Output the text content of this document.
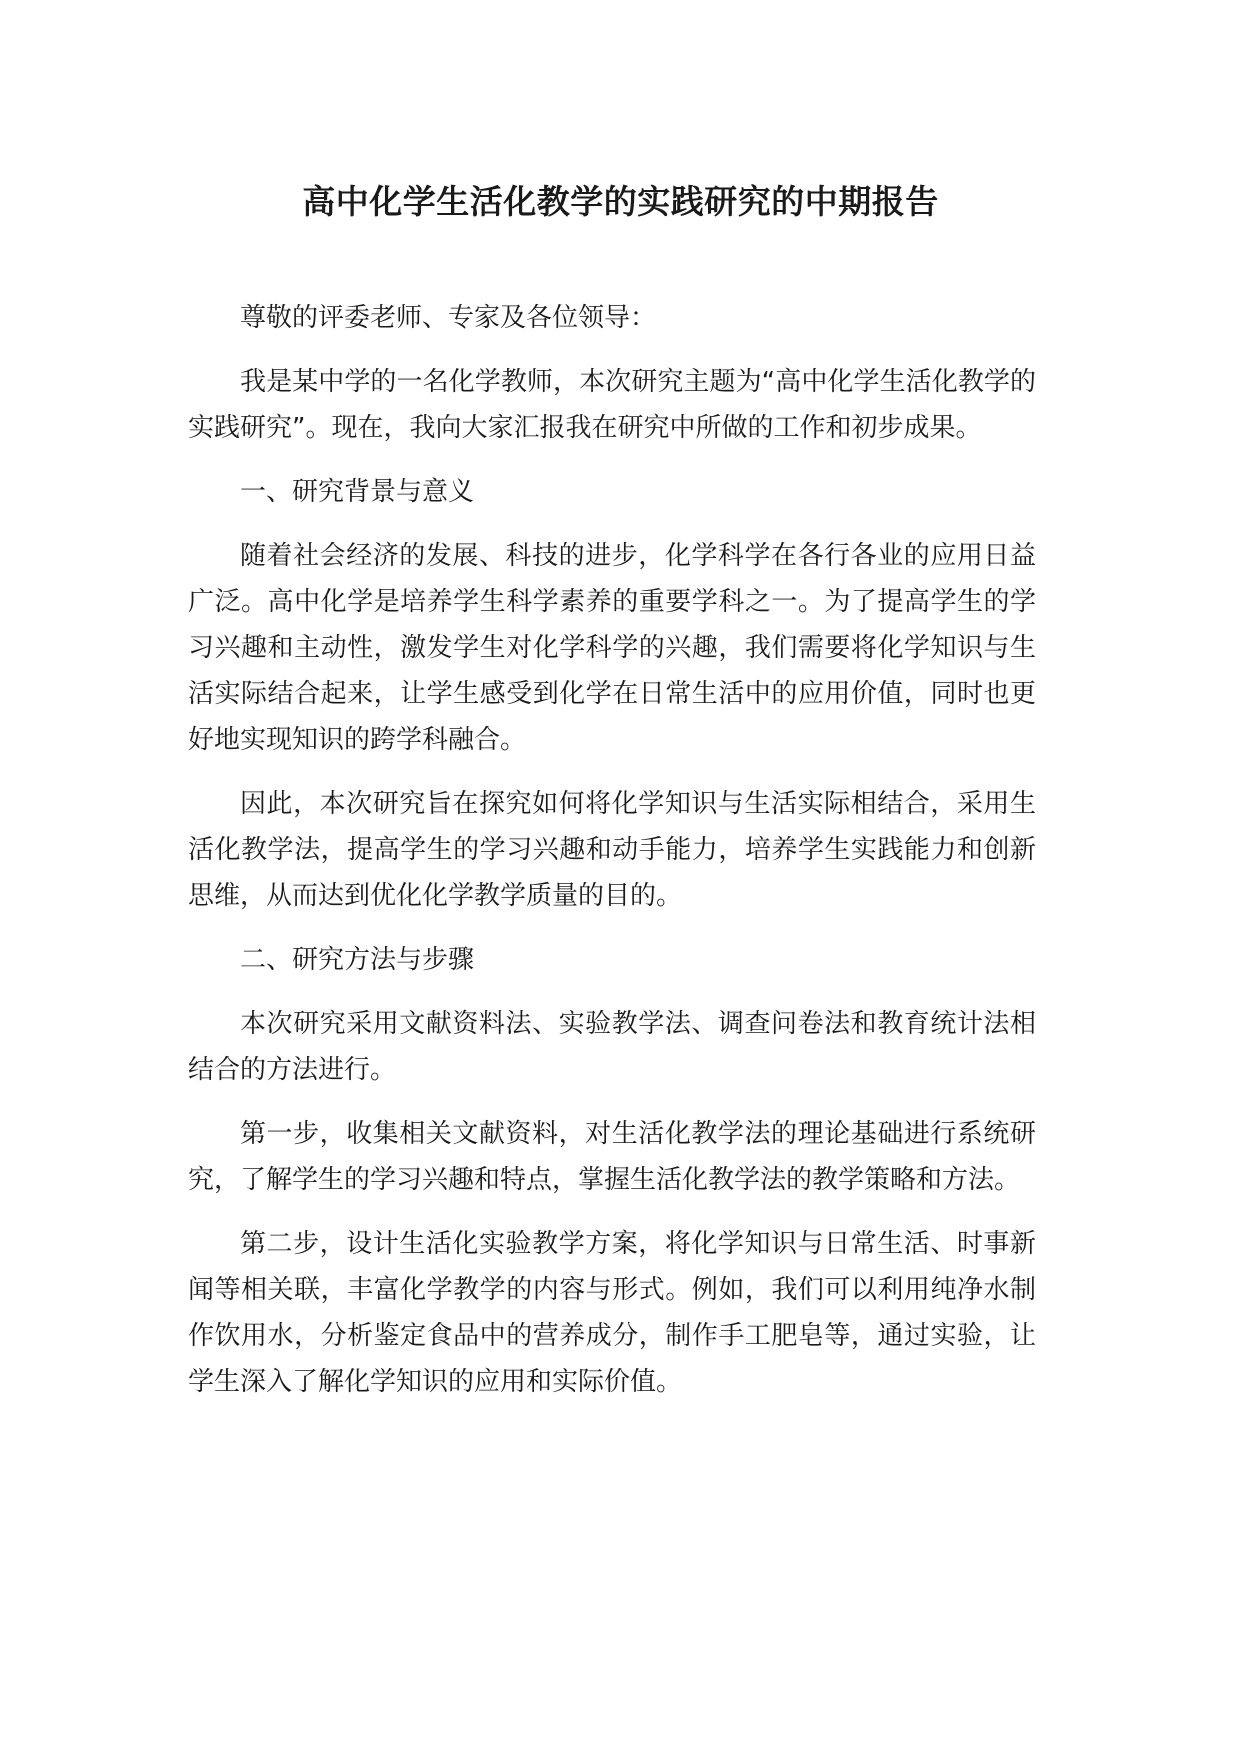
高中化学生活化教学的实践研究的中期报告

尊敬的评委老师、专家及各位领导：

我是某中学的一名化学教师，本次研究主题为“高中化学生活化教学的实践研究”。现在，我向大家汇报我在研究中所做的工作和初步成果。

一、研究背景与意义

随着社会经济的发展、科技的进步，化学科学在各行各业的应用日益广泛。高中化学是培养学生科学素养的重要学科之一。为了提高学生的学习兴趣和主动性，激发学生对化学科学的兴趣，我们需要将化学知识与生活实际结合起来，让学生感受到化学在日常生活中的应用价值，同时也更好地实现知识的跨学科融合。

因此，本次研究旨在探究如何将化学知识与生活实际相结合，采用生活化教学法，提高学生的学习兴趣和动手能力，培养学生实践能力和创新思维，从而达到优化化学教学质量的目的。

二、研究方法与步骤

本次研究采用文献资料法、实验教学法、调查问卷法和教育统计法相结合的方法进行。

第一步，收集相关文献资料，对生活化教学法的理论基础进行系统研究，了解学生的学习兴趣和特点，掌握生活化教学法的教学策略和方法。

第二步，设计生活化实验教学方案，将化学知识与日常生活、时事新闻等相关联，丰富化学教学的内容与形式。例如，我们可以利用纯净水制作饮用水，分析鉴定食品中的营养成分，制作手工肥皂等，通过实验，让学生深入了解化学知识的应用和实际价值。
